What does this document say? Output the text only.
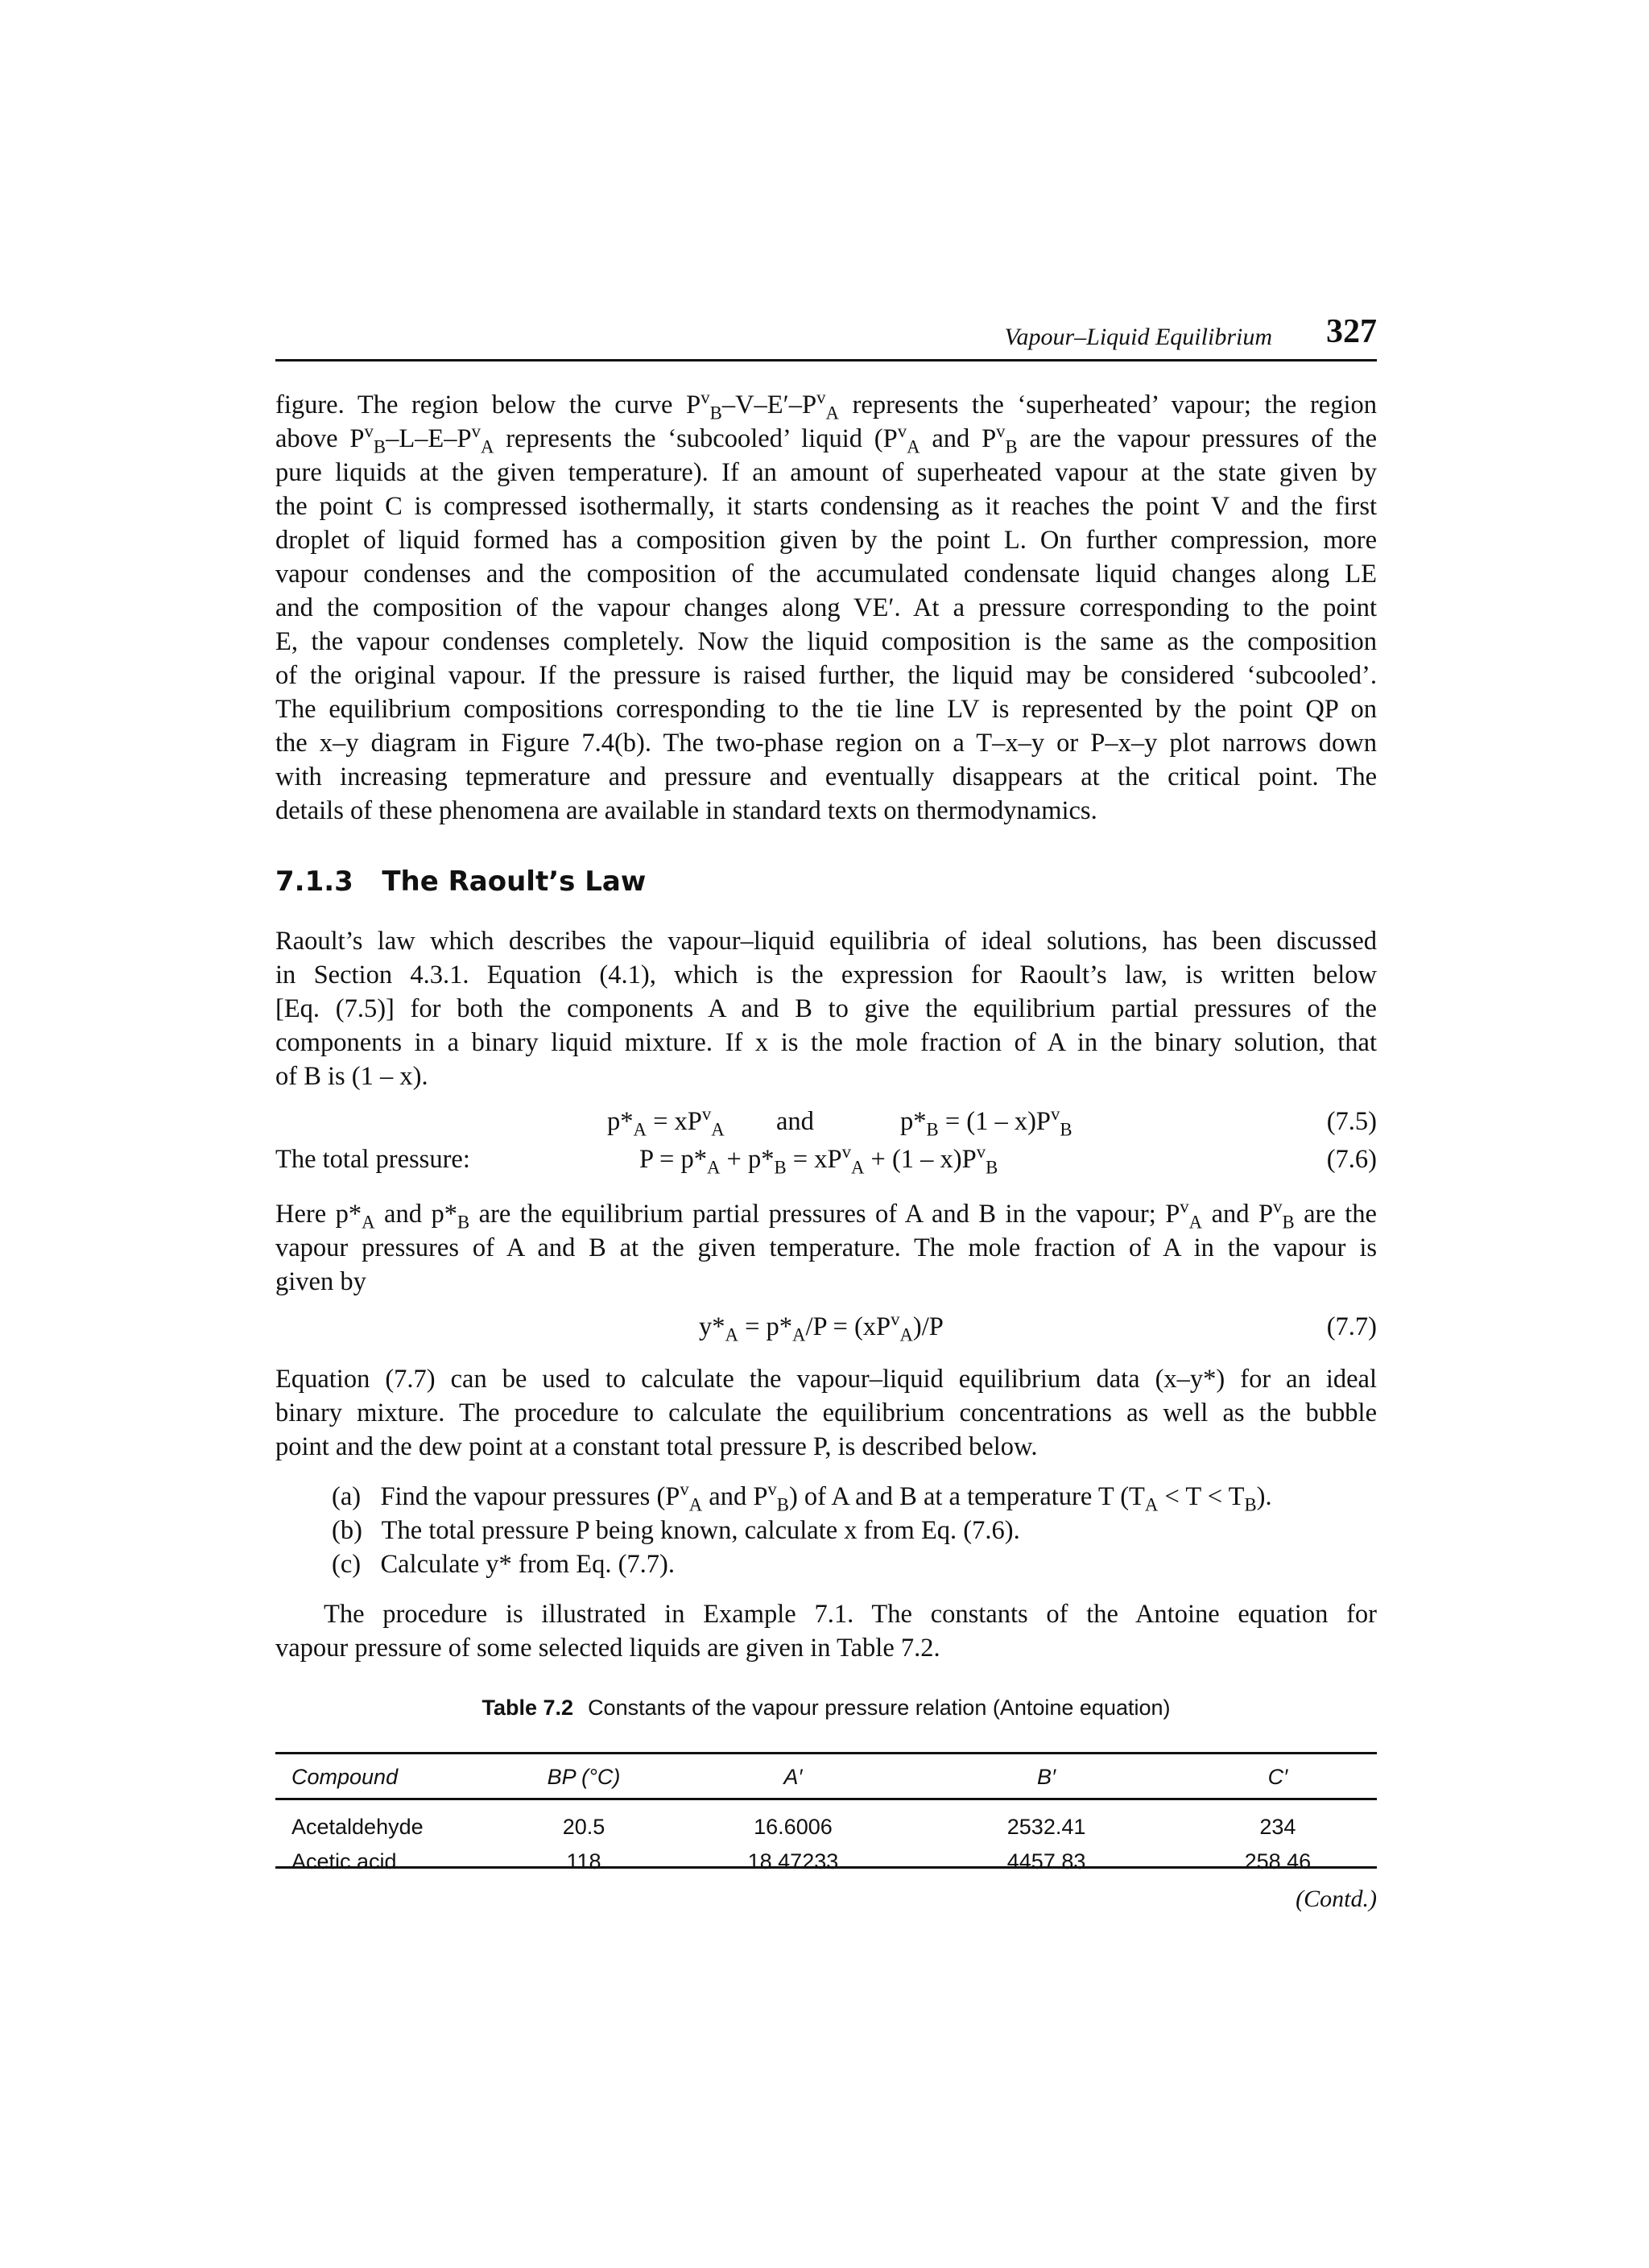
Vapour–Liquid Equilibrium 327
figure. The region below the curve $P^v_B-V-E'-P^v_A$ represents the ‘superheated’ vapour; the region
above $P^v_B-L-E-P^v_A$ represents the ‘subcooled’ liquid ($P^v_A$ and $P^v_B$ are the vapour pressures of the
pure liquids at the given temperature). If an amount of superheated vapour at the state given by
the point C is compressed isothermally, it starts condensing as it reaches the point V and the first
droplet of liquid formed has a composition given by the point L. On further compression, more
vapour condenses and the composition of the accumulated condensate liquid changes along LE
and the composition of the vapour changes along VE′. At a pressure corresponding to the point
E, the vapour condenses completely. Now the liquid composition is the same as the composition
of the original vapour. If the pressure is raised further, the liquid may be considered ‘subcooled’.
The equilibrium compositions corresponding to the tie line LV is represented by the point QP on
the x–y diagram in Figure 7.4(b). The two-phase region on a T–x–y or P–x–y plot narrows down
with increasing tepmerature and pressure and eventually disappears at the critical point. The
details of these phenomena are available in standard texts on thermodynamics.
7.1.3 The Raoult’s Law
Raoult’s law which describes the vapour–liquid equilibria of ideal solutions, has been discussed
in Section 4.3.1. Equation (4.1), which is the expression for Raoult’s law, is written below
[Eq. (7.5)] for both the components A and B to give the equilibrium partial pressures of the
components in a binary liquid mixture. If x is the mole fraction of A in the binary solution, that
of B is (1 – x).
$p*_A = xP^v_A$ and	$p*_B = (1 - x)P^v_B$	(7.5)
The total pressure:	$P = p*_A + p*_B = xP^v_A + (1 - x)P^v_B$	(7.6)
Here $p*_A$ and $p*_B$ are the equilibrium partial pressures of A and B in the vapour; $P^v_A$ and $P^v_B$ are the
vapour pressures of A and B at the given temperature. The mole fraction of A in the vapour is
given by
$y*_A = p*_A/P = (xP^v_A)/P$	(7.7)
Equation (7.7) can be used to calculate the vapour–liquid equilibrium data (x–y*) for an ideal
binary mixture. The procedure to calculate the equilibrium concentrations as well as the bubble
point and the dew point at a constant total pressure P, is described below.
(a)   Find the vapour pressures ($P^v_A$ and $P^v_B$) of A and B at a temperature T $(T_A < T < T_B)$.
(b)   The total pressure P being known, calculate x from Eq. (7.6).
(c)   Calculate y* from Eq. (7.7).
The procedure is illustrated in Example 7.1. The constants of the Antoine equation for
vapour pressure of some selected liquids are given in Table 7.2.
Table 7.2 Constants of the vapour pressure relation (Antoine equation)
Compound	BP (°C)	A′	B′	C′
Acetaldehyde	20.5	16.6006	2532.41	234
Acetic acid	118	18.47233	4457.83	258.46
(Contd.)
